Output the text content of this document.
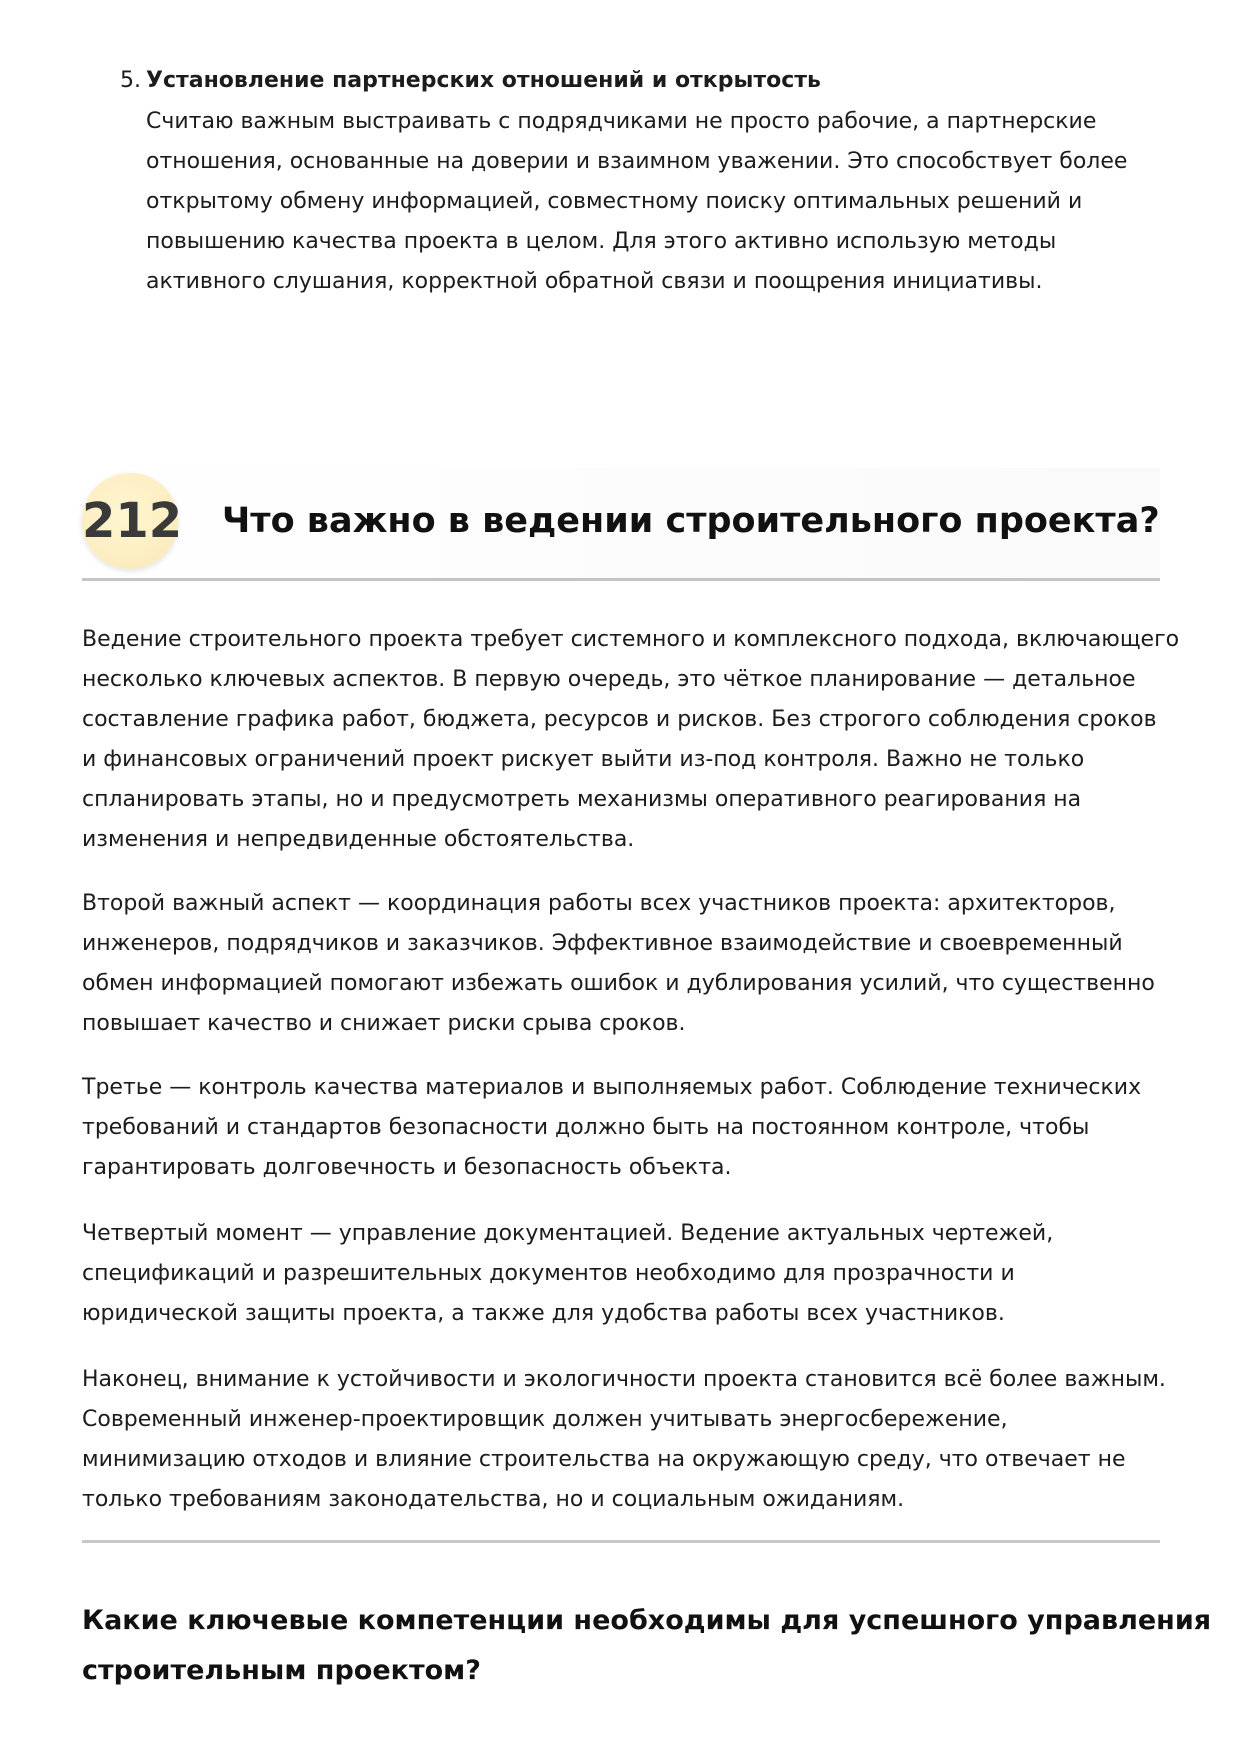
5. Установление партнерских отношений и открытость
Считаю важным выстраивать с подрядчиками не просто рабочие, а партнерские
отношения, основанные на доверии и взаимном уважении. Это способствует более
открытому обмену информацией, совместному поиску оптимальных решений и
повышению качества проекта в целом. Для этого активно использую методы
активного слушания, корректной обратной связи и поощрения инициативы.
212 Что важно в ведении строительного проекта?

Ведение строительного проекта требует системного и комплексного подхода, включающего
несколько ключевых аспектов. В первую очередь, это чёткое планирование — детальное
составление графика работ, бюджета, ресурсов и рисков. Без строгого соблюдения сроков
и финансовых ограничений проект рискует выйти из-под контроля. Важно не только
спланировать этапы, но и предусмотреть механизмы оперативного реагирования на
изменения и непредвиденные обстоятельства.

Второй важный аспект — координация работы всех участников проекта: архитекторов,
инженеров, подрядчиков и заказчиков. Эффективное взаимодействие и своевременный
обмен информацией помогают избежать ошибок и дублирования усилий, что существенно
повышает качество и снижает риски срыва сроков.

Третье — контроль качества материалов и выполняемых работ. Соблюдение технических
требований и стандартов безопасности должно быть на постоянном контроле, чтобы
гарантировать долговечность и безопасность объекта.

Четвертый момент — управление документацией. Ведение актуальных чертежей,
спецификаций и разрешительных документов необходимо для прозрачности и
юридической защиты проекта, а также для удобства работы всех участников.

Наконец, внимание к устойчивости и экологичности проекта становится всё более важным.
Современный инженер-проектировщик должен учитывать энергосбережение,
минимизацию отходов и влияние строительства на окружающую среду, что отвечает не
только требованиям законодательства, но и социальным ожиданиям.

Какие ключевые компетенции необходимы для успешного управления
строительным проектом?
